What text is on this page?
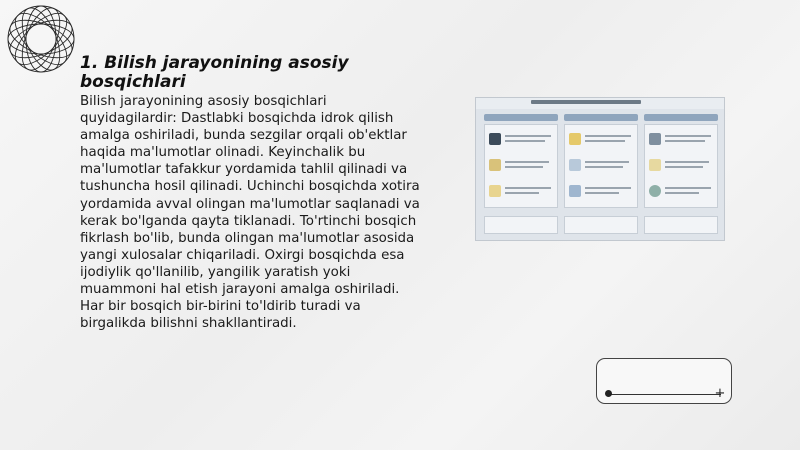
1. Bilish jarayonining asosiy bosqichlari
Bilish jarayonining asosiy bosqichlari quyidagilardir: Dastlabki bosqichda idrok qilish amalga oshiriladi, bunda sezgilar orqali ob'ektlar haqida ma'lumotlar olinadi. Keyinchalik bu ma'lumotlar tafakkur yordamida tahlil qilinadi va tushuncha hosil qilinadi. Uchinchi bosqichda xotira yordamida avval olingan ma'lumotlar saqlanadi va kerak bo'lganda qayta tiklanadi. To'rtinchi bosqich fikrlash bo'lib, bunda olingan ma'lumotlar asosida yangi xulosalar chiqariladi. Oxirgi bosqichda esa ijodiylik qo'llanilib, yangilik yaratish yoki muammoni hal etish jarayoni amalga oshiriladi. Har bir bosqich bir-birini to'ldirib turadi va birgalikda bilishni shakllantiradi.
+
